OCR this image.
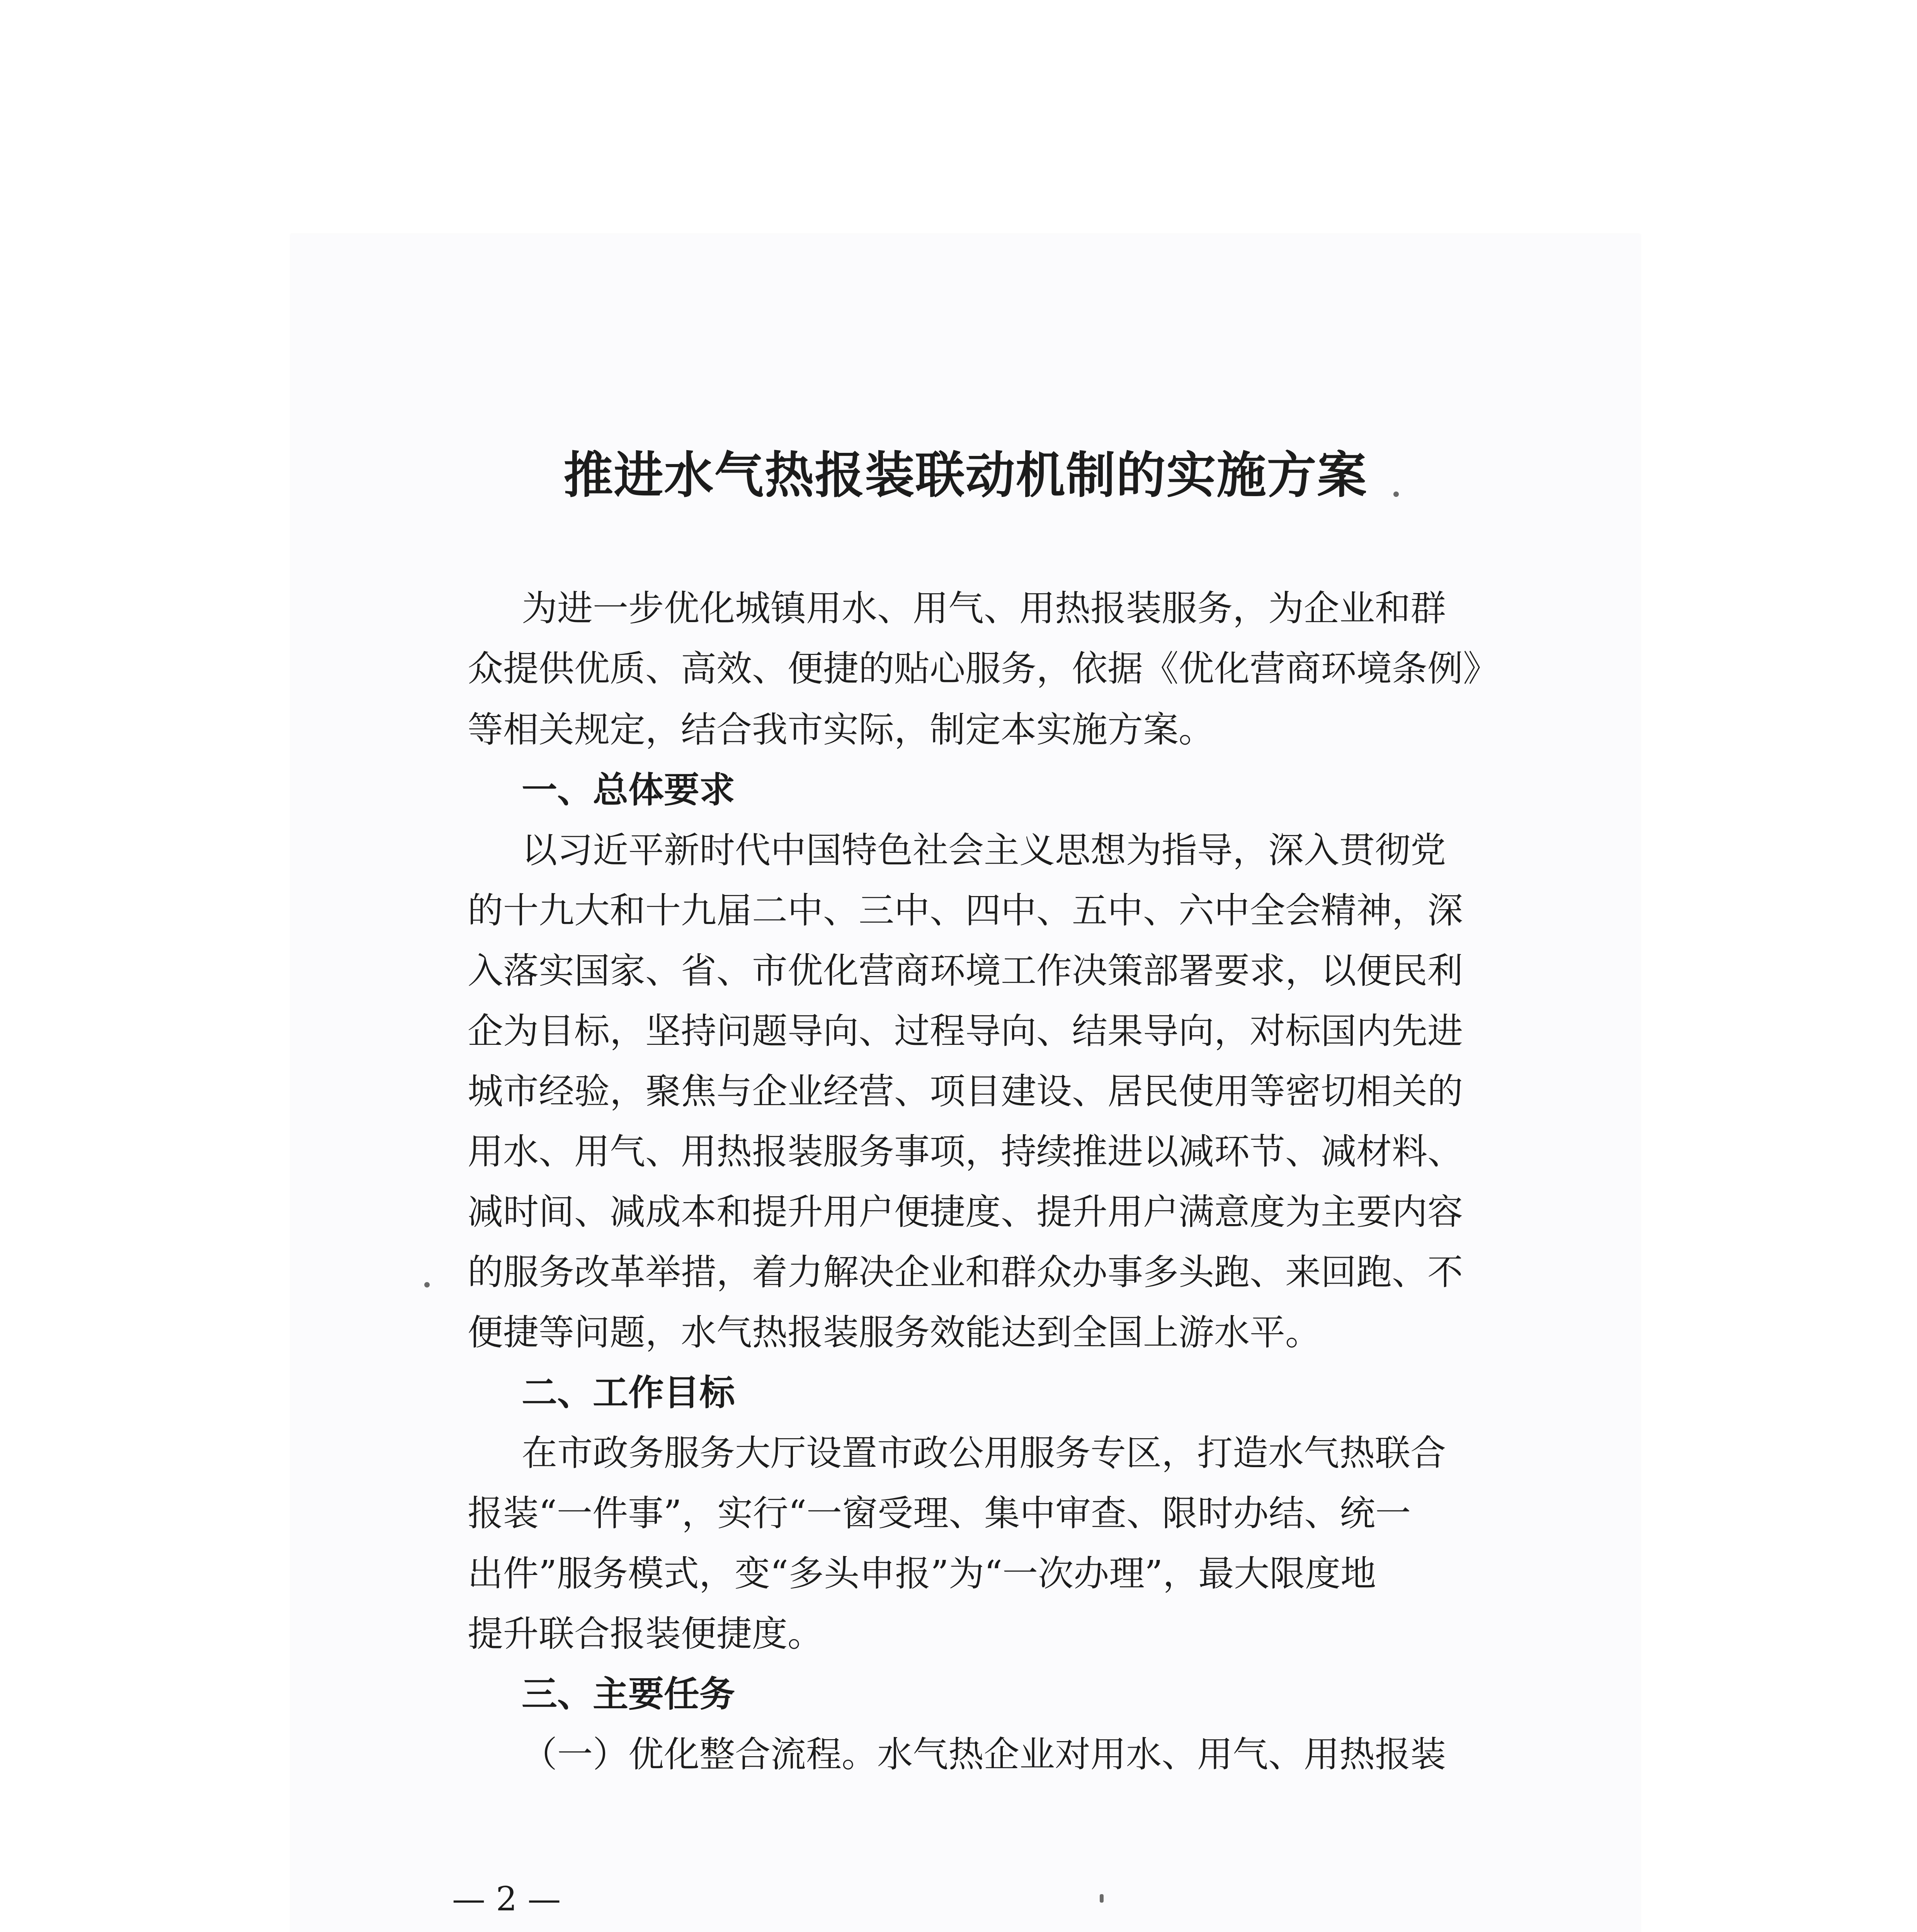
推进水气热报装联动机制的实施方案

为进一步优化城镇用水、用气、用热报装服务，为企业和群

众提供优质、高效、便捷的贴心服务，依据《优化营商环境条例》

等相关规定，结合我市实际，制定本实施方案。

一、总体要求

以习近平新时代中国特色社会主义思想为指导，深入贯彻党

的十九大和十九届二中、三中、四中、五中、六中全会精神，深

入落实国家、省、市优化营商环境工作决策部署要求，以便民利

企为目标，坚持问题导向、过程导向、结果导向，对标国内先进

城市经验，聚焦与企业经营、项目建设、居民使用等密切相关的

用水、用气、用热报装服务事项，持续推进以减环节、减材料、

减时间、减成本和提升用户便捷度、提升用户满意度为主要内容

的服务改革举措，着力解决企业和群众办事多头跑、来回跑、不

便捷等问题，水气热报装服务效能达到全国上游水平。

二、工作目标

在市政务服务大厅设置市政公用服务专区，打造水气热联合

报装“一件事”，实行“一窗受理、集中审查、限时办结、统一

出件”服务模式，变“多头申报”为“一次办理”，最大限度地

提升联合报装便捷度。

三、主要任务

（一）优化整合流程。水气热企业对用水、用气、用热报装

— 2 —
